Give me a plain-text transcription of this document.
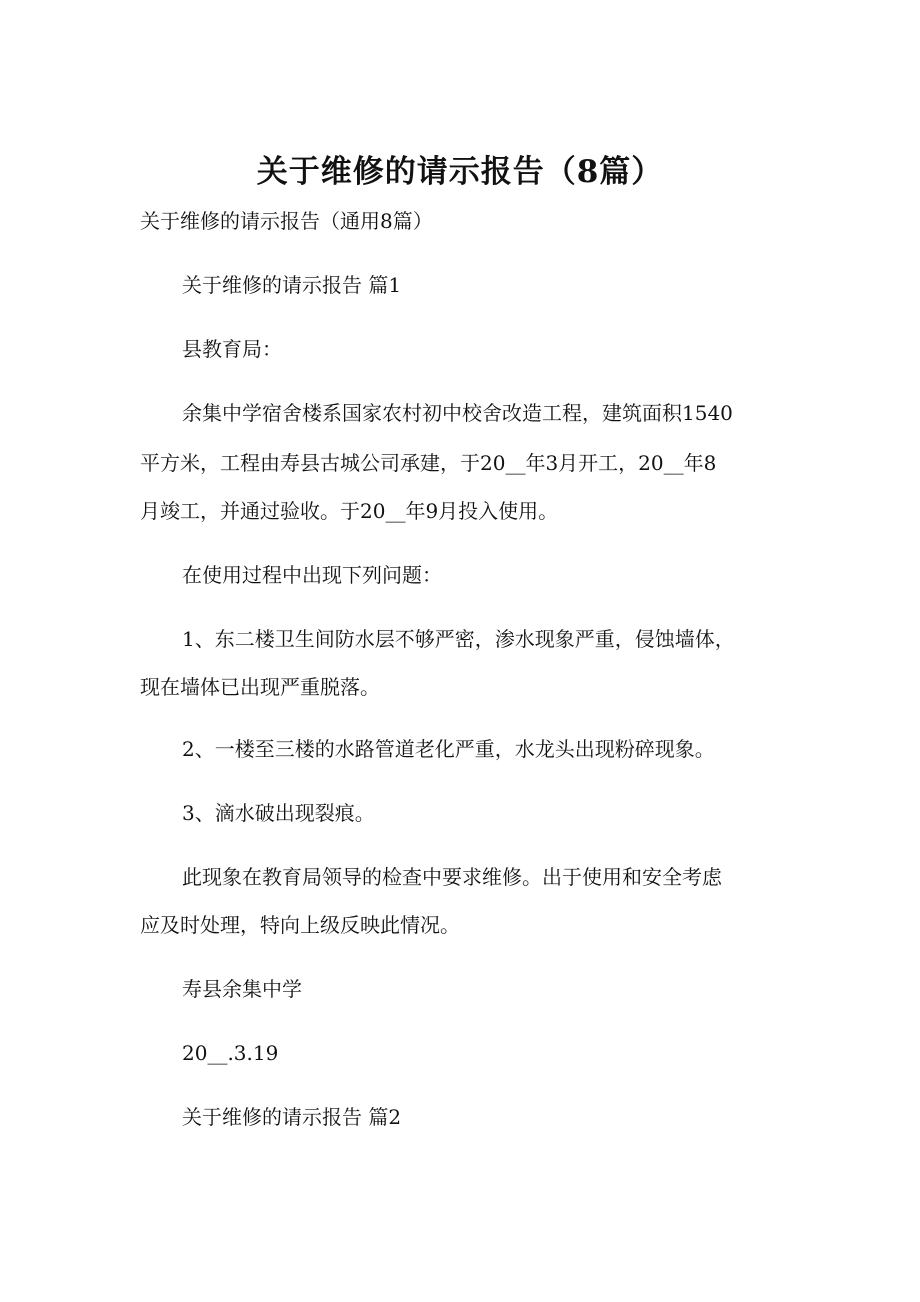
关于维修的请示报告（8篇）

关于维修的请示报告（通用8篇）

关于维修的请示报告 篇1

县教育局：

余集中学宿舍楼系国家农村初中校舍改造工程，建筑面积1540

平方米，工程由寿县古城公司承建，于20__年3月开工，20__年8

月竣工，并通过验收。于20__年9月投入使用。

在使用过程中出现下列问题：

1、东二楼卫生间防水层不够严密，渗水现象严重，侵蚀墙体，

现在墙体已出现严重脱落。

2、一楼至三楼的水路管道老化严重，水龙头出现粉碎现象。

3、滴水破出现裂痕。

此现象在教育局领导的检查中要求维修。出于使用和安全考虑

应及时处理，特向上级反映此情况。

寿县余集中学

20__.3.19

关于维修的请示报告 篇2
